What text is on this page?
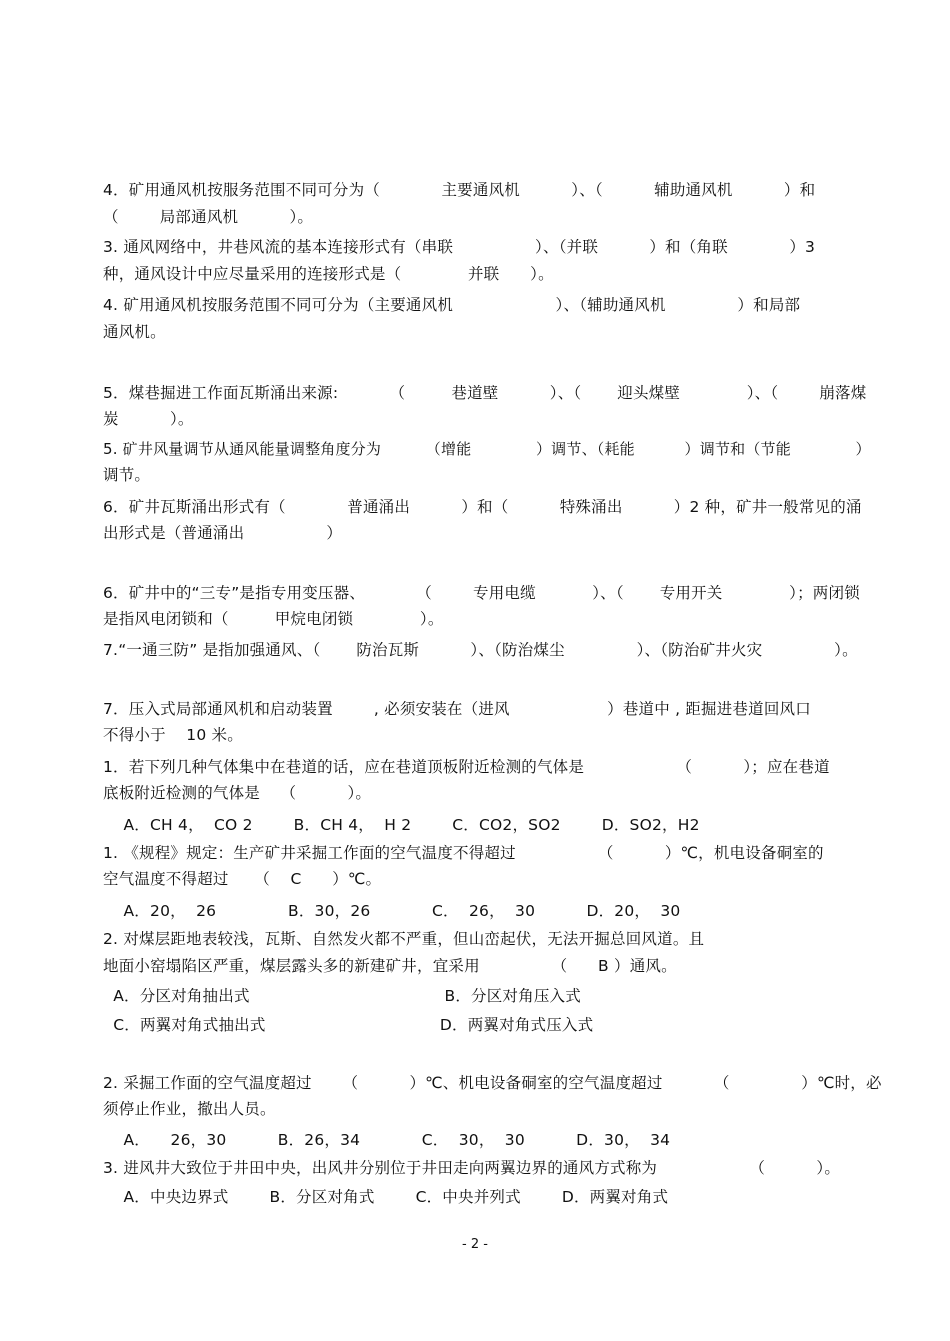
4．矿用通风机按服务范围不同可分为（            主要通风机          ）、（          辅助通风机          ）和
（        局部通风机          ）。
3. 通风网络中，井巷风流的基本连接形式有（串联                ）、（并联          ）和（角联            ）3
种，通风设计中应尽量采用的连接形式是（             并联      ）。
4. 矿用通风机按服务范围不同可分为（主要通风机                    ）、（辅助通风机              ）和局部
通风机。
5．煤巷掘进工作面瓦斯涌出来源:          （         巷道壁          ）、（       迎头煤壁             ）、（        崩落煤
炭          ）。
5. 矿井风量调节从通风能量调整角度分为         （增能             ）调节、（耗能          ）调节和（节能             ）
调节。
6．矿井瓦斯涌出形式有（            普通涌出          ）和（          特殊涌出          ）2 种，矿井一般常见的涌
出形式是（普通涌出                ）
6．矿井中的“三专”是指专用变压器、          （        专用电缆           ）、（       专用开关             ）；两闭锁
是指风电闭锁和（         甲烷电闭锁             ）。
7.“一通三防” 是指加强通风、（       防治瓦斯          ）、（防治煤尘              ）、（防治矿井火灾              ）。
7．压入式局部通风机和启动装置        , 必须安装在（进风                   ）巷道中 , 距掘进巷道回风口
不得小于    10 米。
1．若下列几种气体集中在巷道的话，应在巷道顶板附近检测的气体是                  （          ）；应在巷道
底板附近检测的气体是    （          ）。
A．CH 4，  CO 2        B．CH 4，  H 2        C．CO2，SO2        D．SO2，H2
1. 《规程》规定：生产矿井采掘工作面的空气温度不得超过                （          ）℃，机电设备硐室的
空气温度不得超过     （    C      ）℃。
A．20，  26              B．30，26            C．  26，  30          D．20，  30
2. 对煤层距地表较浅，瓦斯、自然发火都不严重，但山峦起伏，无法开掘总回风道。且
地面小窑塌陷区严重，煤层露头多的新建矿井，宜采用              （      B ）通风。
A．分区对角抽出式                                      B．分区对角压入式
C．两翼对角式抽出式                                  D．两翼对角式压入式
2. 采掘工作面的空气温度超过      （          ）℃、机电设备硐室的空气温度超过          （              ）℃时，必
须停止作业，撤出人员。
A．    26，30          B．26，34            C．  30，  30          D．30，  34
3. 进风井大致位于井田中央，出风井分别位于井田走向两翼边界的通风方式称为                  （          ）。
A．中央边界式        B．分区对角式        C．中央并列式        D．两翼对角式
- 2 -
